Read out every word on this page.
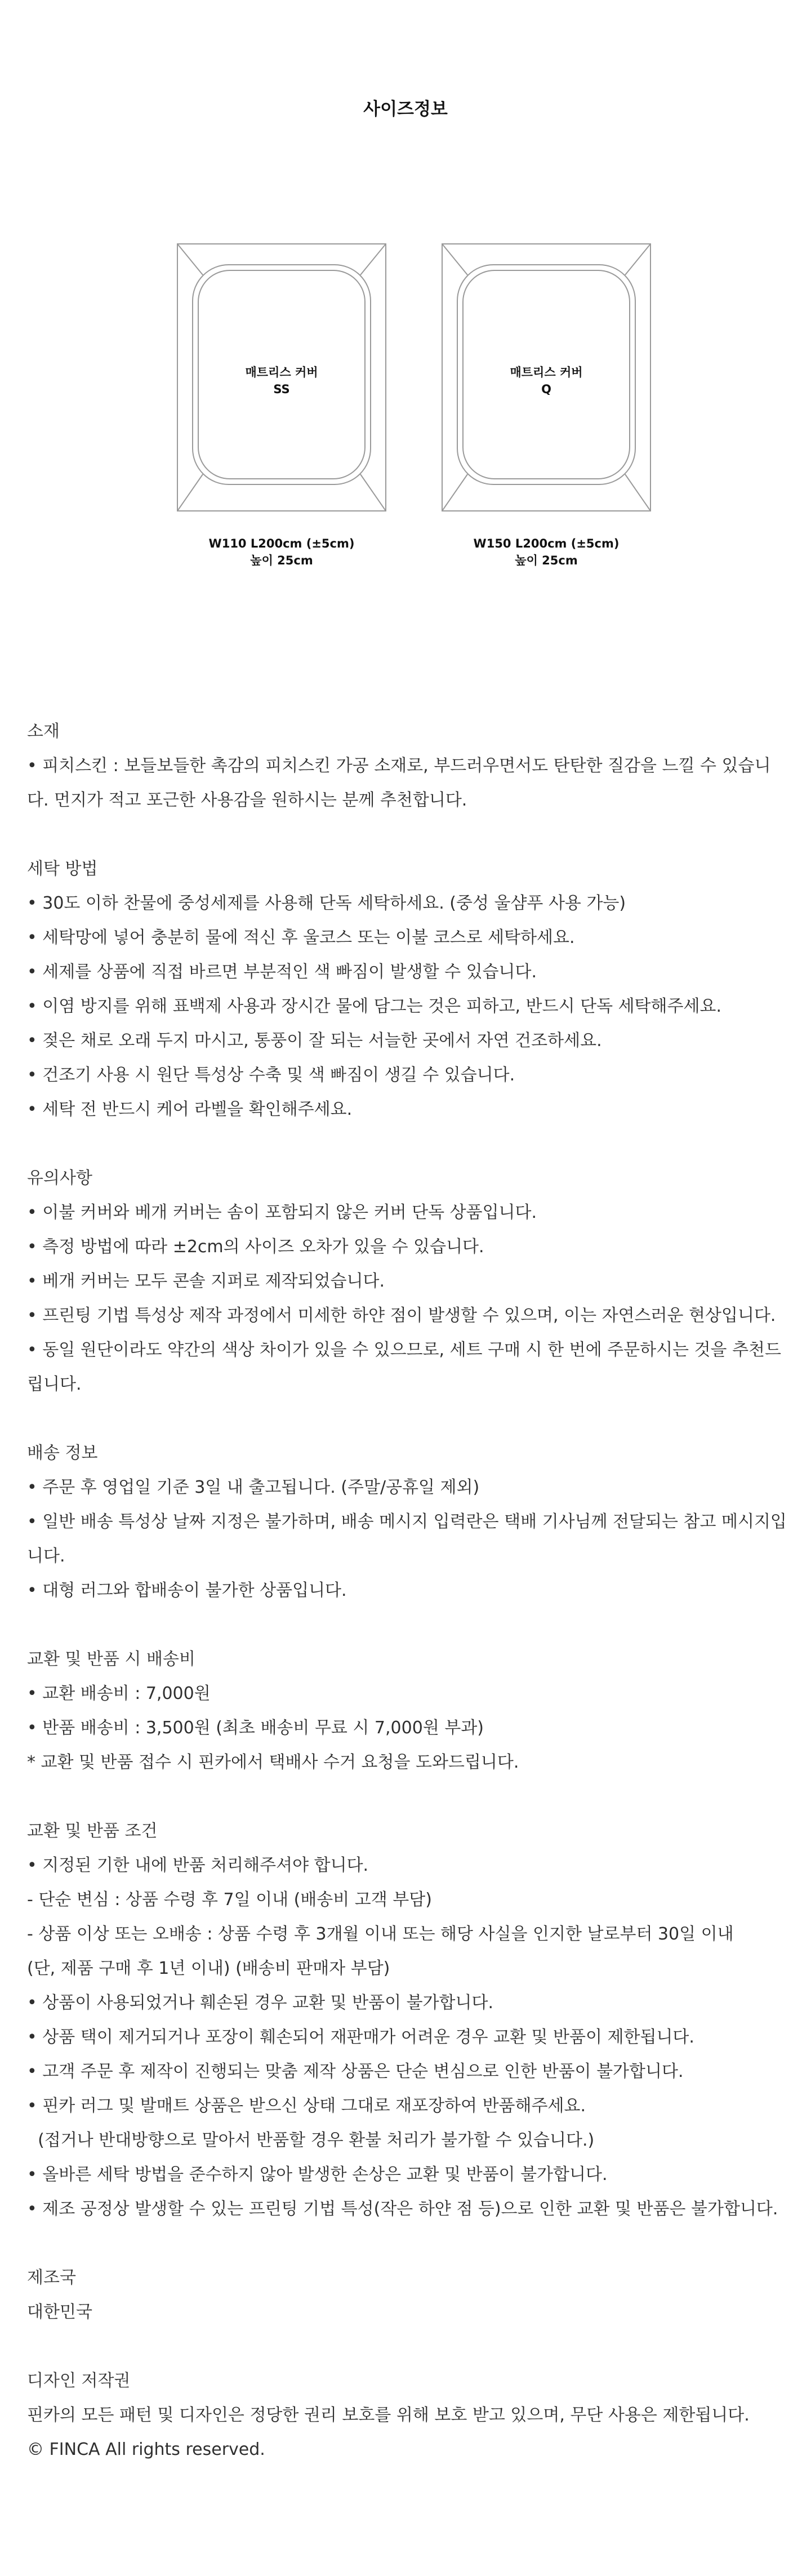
사이즈정보
매트리스 커버
SS
W110 L200cm (±5cm)
높이 25cm
매트리스 커버
Q
W150 L200cm (±5cm)
높이 25cm
소재

• 피치스킨 : 보들보들한 촉감의 피치스킨 가공 소재로, 부드러우면서도 탄탄한 질감을 느낄 수 있습니다. 먼지가 적고 포근한 사용감을 원하시는 분께 추천합니다.

세탁 방법

• 30도 이하 찬물에 중성세제를 사용해 단독 세탁하세요. (중성 울샴푸 사용 가능)

• 세탁망에 넣어 충분히 물에 적신 후 울코스 또는 이불 코스로 세탁하세요.

• 세제를 상품에 직접 바르면 부분적인 색 빠짐이 발생할 수 있습니다.

• 이염 방지를 위해 표백제 사용과 장시간 물에 담그는 것은 피하고, 반드시 단독 세탁해주세요.

• 젖은 채로 오래 두지 마시고, 통풍이 잘 되는 서늘한 곳에서 자연 건조하세요.

• 건조기 사용 시 원단 특성상 수축 및 색 빠짐이 생길 수 있습니다.

• 세탁 전 반드시 케어 라벨을 확인해주세요.

유의사항

• 이불 커버와 베개 커버는 솜이 포함되지 않은 커버 단독 상품입니다.

• 측정 방법에 따라 ±2cm의 사이즈 오차가 있을 수 있습니다.

• 베개 커버는 모두 콘솔 지퍼로 제작되었습니다.

• 프린팅 기법 특성상 제작 과정에서 미세한 하얀 점이 발생할 수 있으며, 이는 자연스러운 현상입니다.

• 동일 원단이라도 약간의 색상 차이가 있을 수 있으므로, 세트 구매 시 한 번에 주문하시는 것을 추천드립니다.

배송 정보

• 주문 후 영업일 기준 3일 내 출고됩니다. (주말/공휴일 제외)

• 일반 배송 특성상 날짜 지정은 불가하며, 배송 메시지 입력란은 택배 기사님께 전달되는 참고 메시지입니다.

• 대형 러그와 합배송이 불가한 상품입니다.

교환 및 반품 시 배송비

• 교환 배송비 : 7,000원

• 반품 배송비 : 3,500원 (최초 배송비 무료 시 7,000원 부과)

* 교환 및 반품 접수 시 핀카에서 택배사 수거 요청을 도와드립니다.

교환 및 반품 조건

• 지정된 기한 내에 반품 처리해주셔야 합니다.

- 단순 변심 : 상품 수령 후 7일 이내 (배송비 고객 부담)

- 상품 이상 또는 오배송 : 상품 수령 후 3개월 이내 또는 해당 사실을 인지한 날로부터 30일 이내

(단, 제품 구매 후 1년 이내) (배송비 판매자 부담)

• 상품이 사용되었거나 훼손된 경우 교환 및 반품이 불가합니다.

• 상품 택이 제거되거나 포장이 훼손되어 재판매가 어려운 경우 교환 및 반품이 제한됩니다.

• 고객 주문 후 제작이 진행되는 맞춤 제작 상품은 단순 변심으로 인한 반품이 불가합니다.

• 핀카 러그 및 발매트 상품은 받으신 상태 그대로 재포장하여 반품해주세요.

(접거나 반대방향으로 말아서 반품할 경우 환불 처리가 불가할 수 있습니다.)

• 올바른 세탁 방법을 준수하지 않아 발생한 손상은 교환 및 반품이 불가합니다.

• 제조 공정상 발생할 수 있는 프린팅 기법 특성(작은 하얀 점 등)으로 인한 교환 및 반품은 불가합니다.

제조국

대한민국

디자인 저작권

핀카의 모든 패턴 및 디자인은 정당한 권리 보호를 위해 보호 받고 있으며, 무단 사용은 제한됩니다.

© FINCA All rights reserved.
